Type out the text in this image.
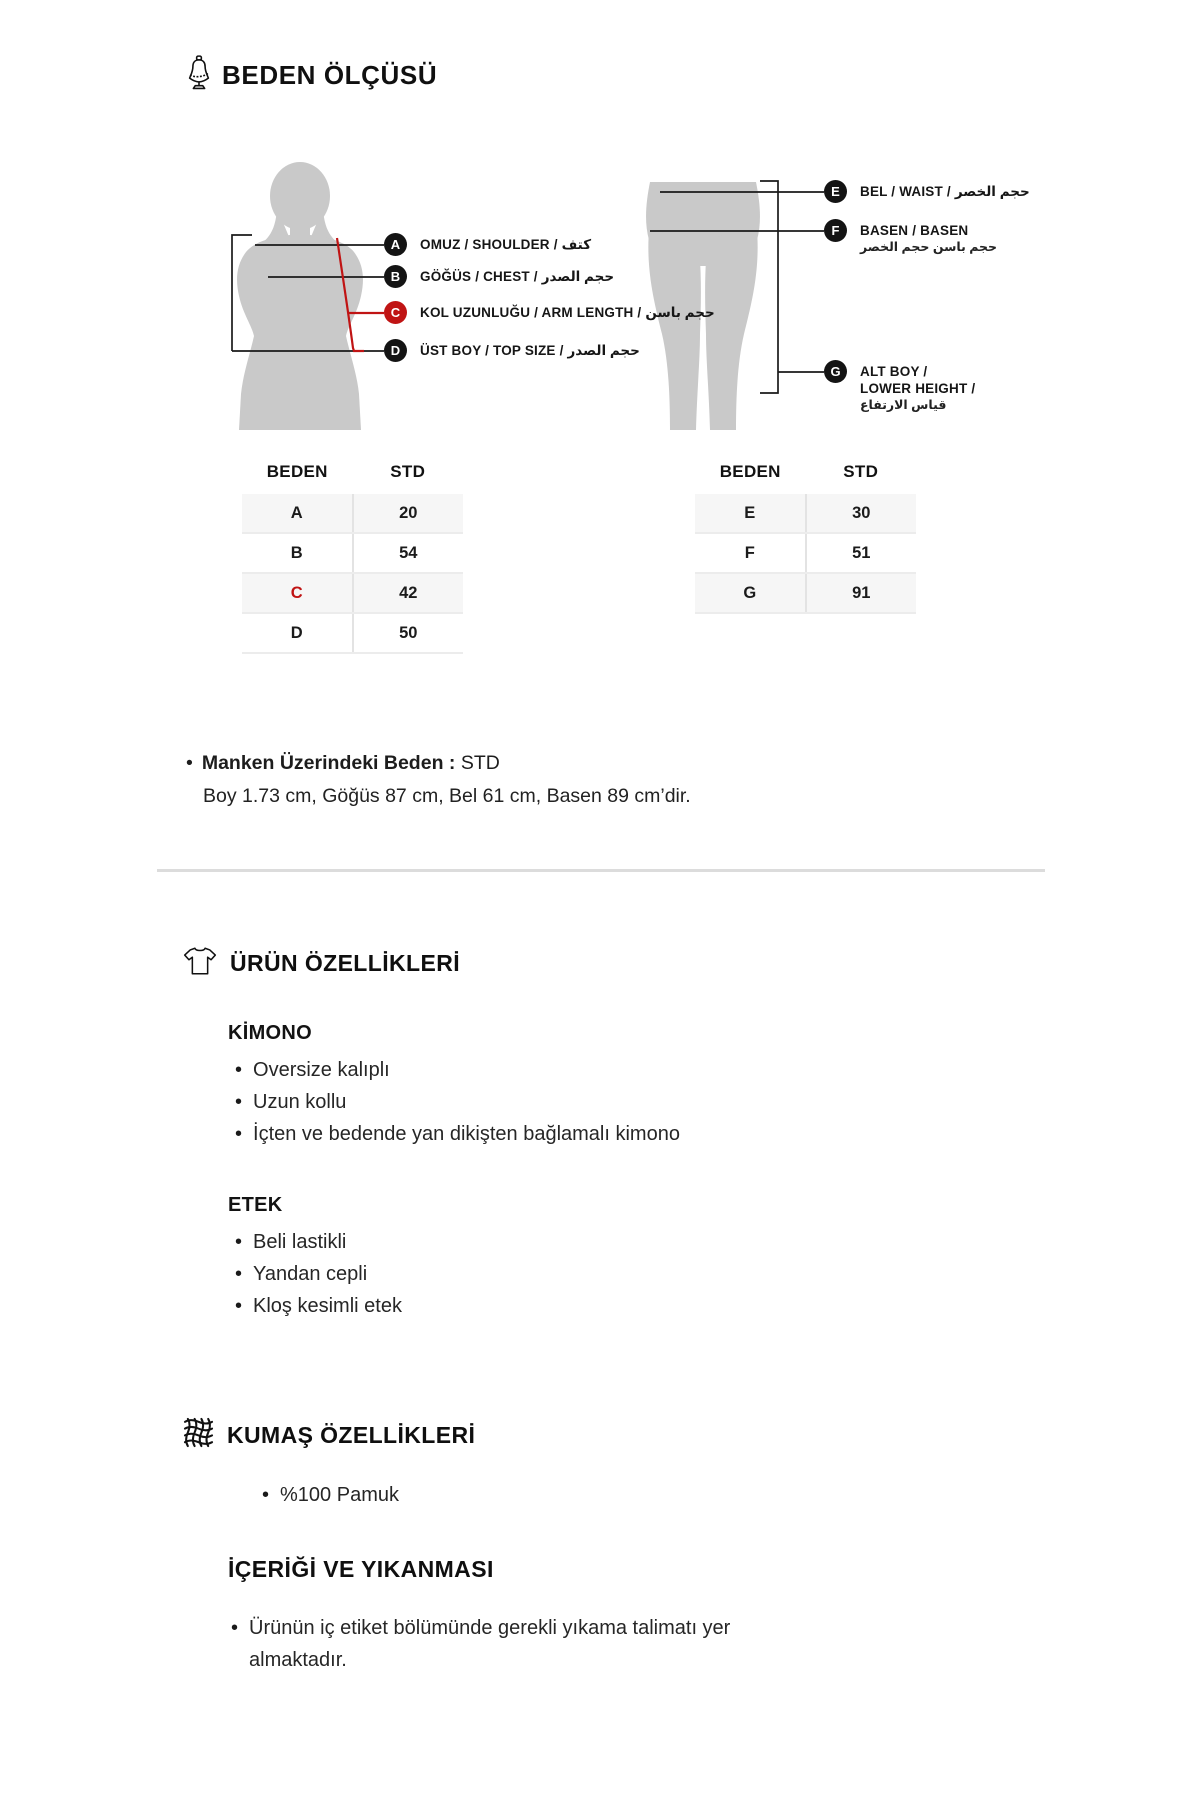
BEDEN ÖLÇÜSÜ
A	OMUZ / SHOULDER / كتف
B	GÖĞÜS / CHEST / حجم الصدر
C	KOL UZUNLUĞU / ARM LENGTH / حجم باسن
D	ÜST BOY / TOP SIZE / حجم الصدر
E	BEL / WAIST / حجم الخصر
F	BASEN / BASEN
حجم باسن حجم الخصر
G	ALT BOY /
LOWER HEIGHT /
قياس الارتفاع
BEDEN	STD
A	20
B	54
C	42
D	50
BEDEN	STD
E	30
F	51
G	91
• Manken Üzerindeki Beden : STD
Boy 1.73 cm, Göğüs 87 cm, Bel 61 cm, Basen 89 cm’dir.
ÜRÜN ÖZELLİKLERİ
KİMONO
• Oversize kalıplı
• Uzun kollu
• İçten ve bedende yan dikişten bağlamalı kimono
ETEK
• Beli lastikli
• Yandan cepli
• Kloş kesimli etek
KUMAŞ ÖZELLİKLERİ
• %100 Pamuk
İÇERİĞİ VE YIKANMASI
• Ürünün iç etiket bölümünde gerekli yıkama talimatı yer almaktadır.
